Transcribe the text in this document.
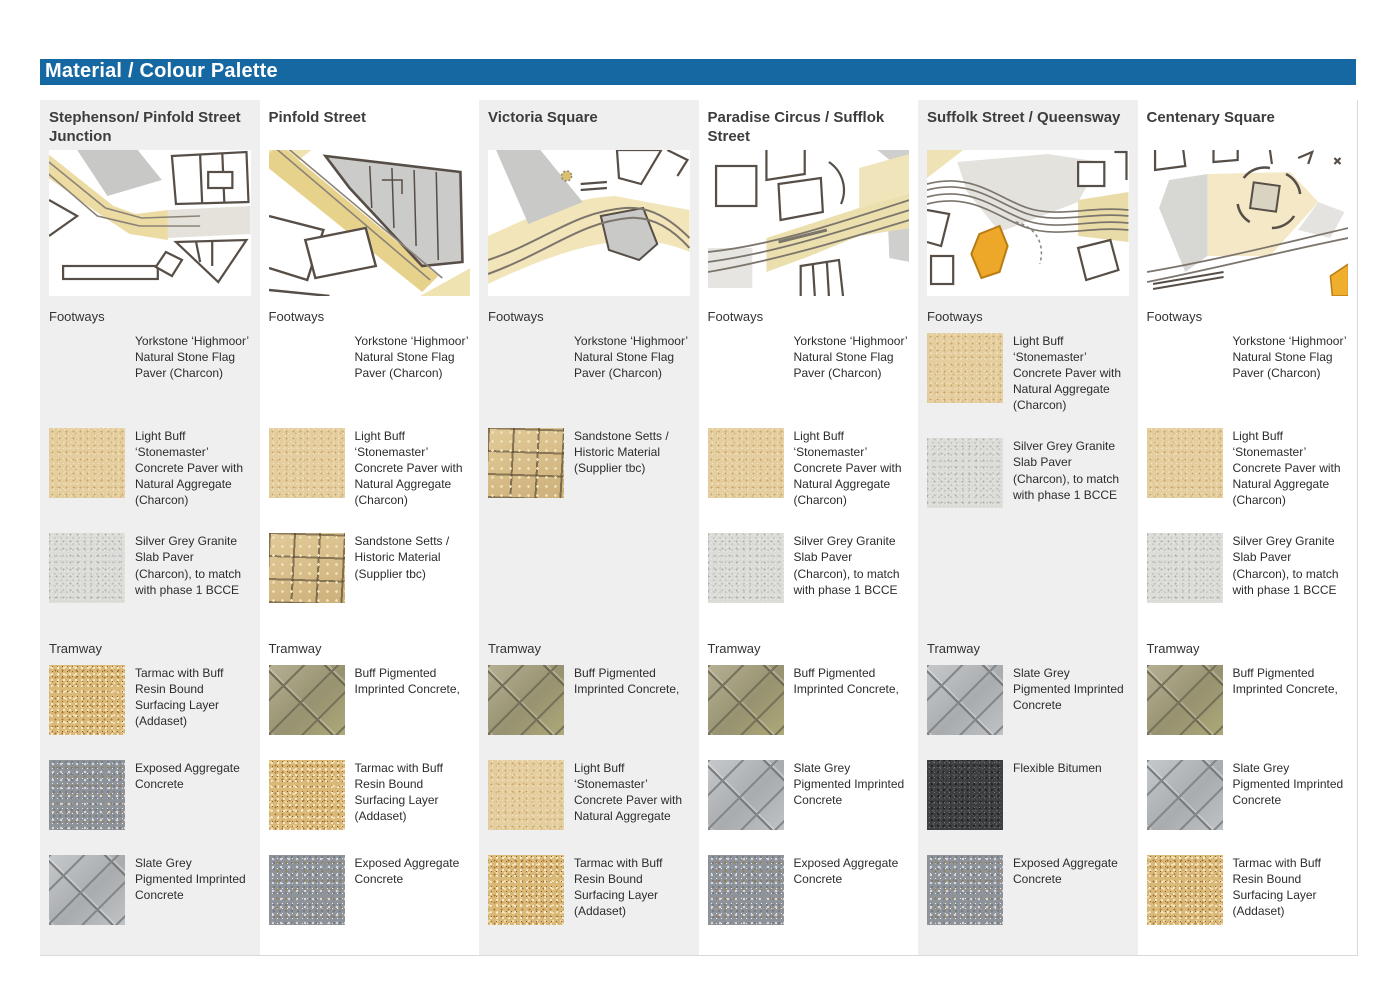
Material / Colour Palette
Stephenson/ Pinfold Street Junction
Footways
Yorkstone ‘Highmoor’ Natural Stone Flag Paver (Charcon)
Light Buff ‘Stonemaster’ Concrete Paver with Natural Aggregate (Charcon)
Silver Grey Granite Slab Paver (Charcon), to match with phase 1 BCCE
Tramway
Tarmac with Buff Resin Bound Surfacing Layer (Addaset)
Exposed Aggregate Concrete
Slate Grey Pigmented Imprinted Concrete
Pinfold Street
Footways
Yorkstone ‘Highmoor’ Natural Stone Flag Paver (Charcon)
Light Buff ‘Stonemaster’ Concrete Paver with Natural Aggregate (Charcon)
Sandstone Setts / Historic Material (Supplier tbc)
Tramway
Buff Pigmented Imprinted Concrete,
Tarmac with Buff Resin Bound Surfacing Layer (Addaset)
Exposed Aggregate Concrete
Victoria Square
Footways
Yorkstone ‘Highmoor’ Natural Stone Flag Paver (Charcon)
Sandstone Setts / Historic Material (Supplier tbc)
Tramway
Buff Pigmented Imprinted Concrete,
Light Buff ‘Stonemaster’ Concrete Paver with Natural Aggregate
Tarmac with Buff Resin Bound Surfacing Layer (Addaset)
Paradise Circus / Sufflok Street
Footways
Yorkstone ‘Highmoor’ Natural Stone Flag Paver (Charcon)
Light Buff ‘Stonemaster’ Concrete Paver with Natural Aggregate (Charcon)
Silver Grey Granite Slab Paver (Charcon), to match with phase 1 BCCE
Tramway
Buff Pigmented Imprinted Concrete,
Slate Grey Pigmented Imprinted Concrete
Exposed Aggregate Concrete
Suffolk Street / Queensway
Footways
Light Buff ‘Stonemaster’ Concrete Paver with Natural Aggregate (Charcon)
Silver Grey Granite Slab Paver (Charcon), to match with phase 1 BCCE
Tramway
Slate Grey Pigmented Imprinted Concrete
Flexible Bitumen
Exposed Aggregate Concrete
Centenary Square
Footways
Yorkstone ‘Highmoor’ Natural Stone Flag Paver (Charcon)
Light Buff ‘Stonemaster’ Concrete Paver with Natural Aggregate (Charcon)
Silver Grey Granite Slab Paver (Charcon), to match with phase 1 BCCE
Tramway
Buff Pigmented Imprinted Concrete,
Slate Grey Pigmented Imprinted Concrete
Tarmac with Buff Resin Bound Surfacing Layer (Addaset)
